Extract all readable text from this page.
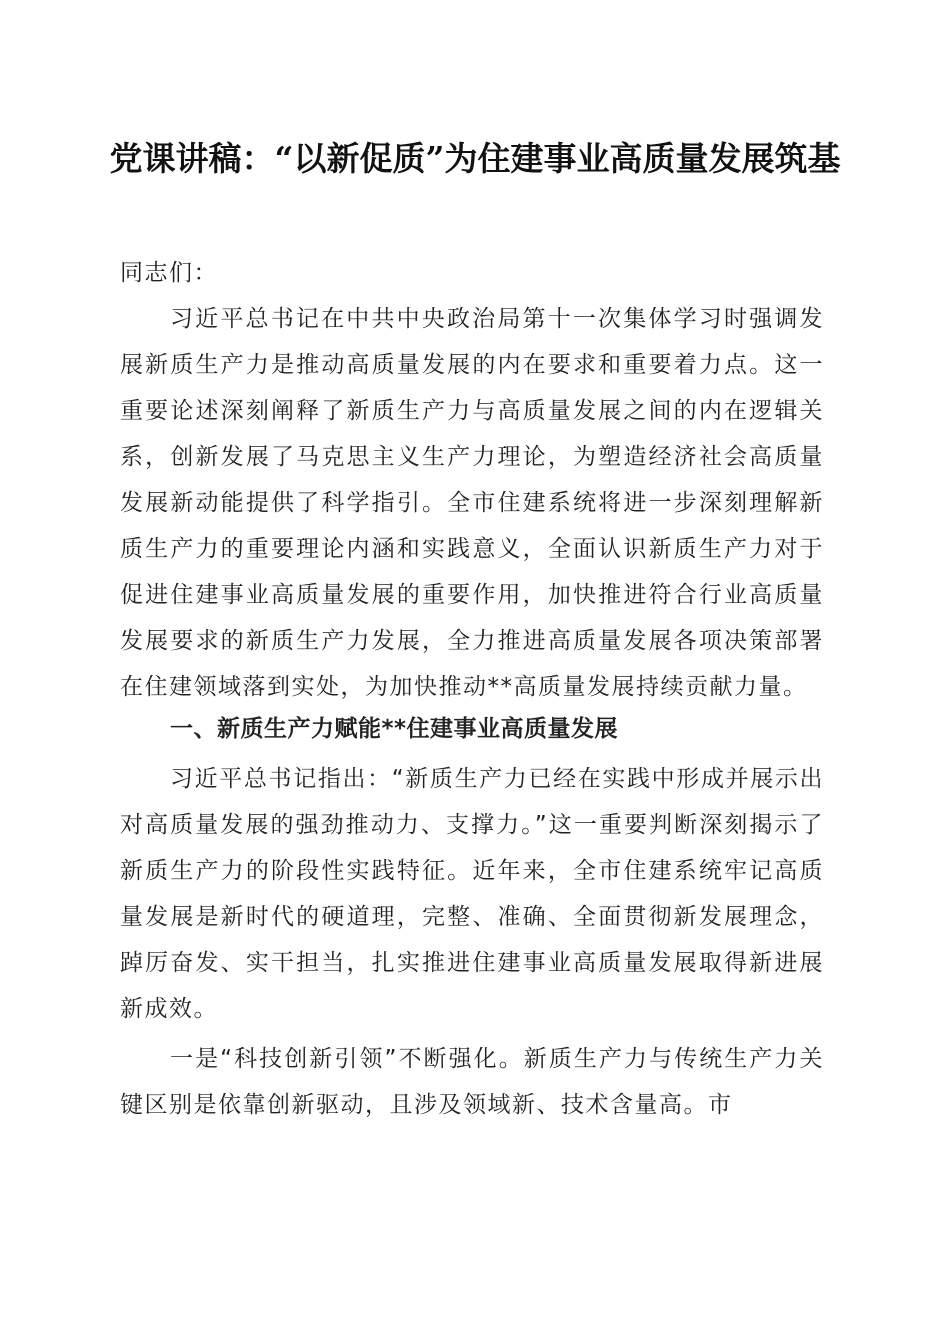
党课讲稿：“以新促质”为住建事业高质量发展筑基

同志们：

习近平总书记在中共中央政治局第十一次集体学习时强调发展新质生产力是推动高质量发展的内在要求和重要着力点。这一重要论述深刻阐释了新质生产力与高质量发展之间的内在逻辑关系，创新发展了马克思主义生产力理论，为塑造经济社会高质量发展新动能提供了科学指引。全市住建系统将进一步深刻理解新质生产力的重要理论内涵和实践意义，全面认识新质生产力对于促进住建事业高质量发展的重要作用，加快推进符合行业高质量发展要求的新质生产力发展，全力推进高质量发展各项决策部署在住建领域落到实处，为加快推动**高质量发展持续贡献力量。

一、新质生产力赋能**住建事业高质量发展

习近平总书记指出：“新质生产力已经在实践中形成并展示出对高质量发展的强劲推动力、支撑力。”这一重要判断深刻揭示了新质生产力的阶段性实践特征。近年来，全市住建系统牢记高质量发展是新时代的硬道理，完整、准确、全面贯彻新发展理念，踔厉奋发、实干担当，扎实推进住建事业高质量发展取得新进展新成效。

一是“科技创新引领”不断强化。新质生产力与传统生产力关键区别是依靠创新驱动，且涉及领域新、技术含量高。市
